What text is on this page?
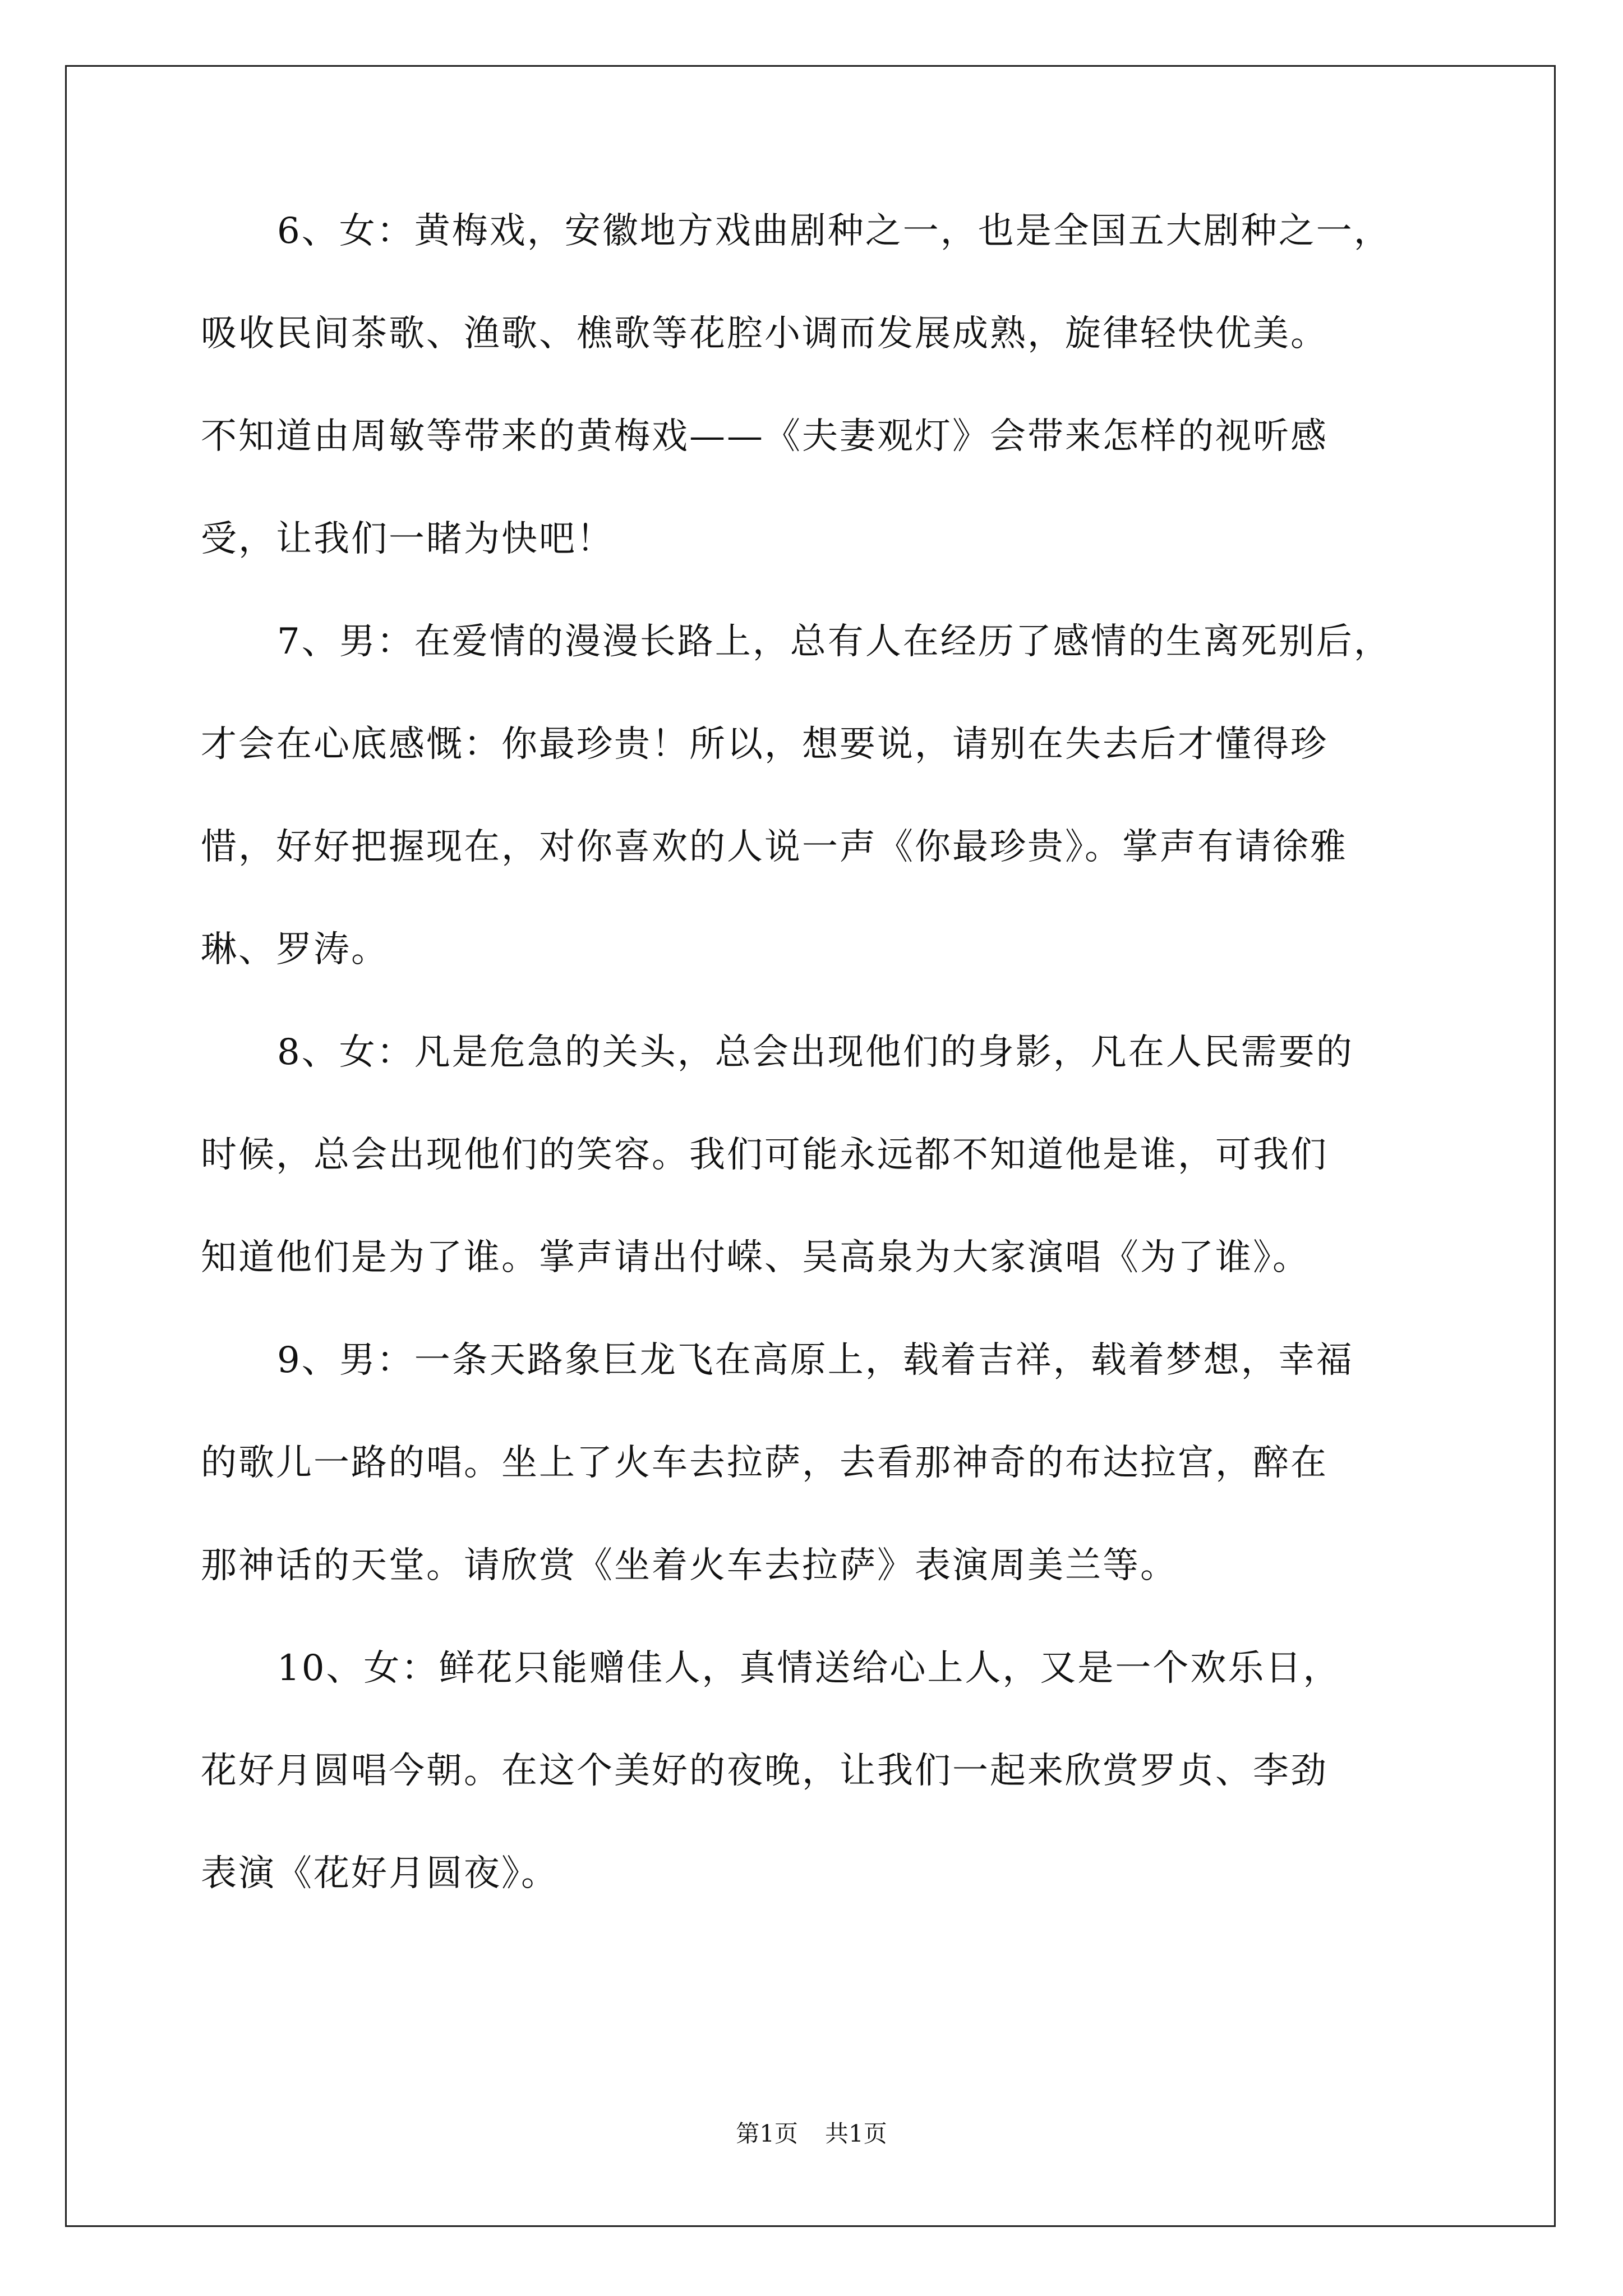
6、女：黄梅戏，安徽地方戏曲剧种之一，也是全国五大剧种之一，
吸收民间茶歌、渔歌、樵歌等花腔小调而发展成熟，旋律轻快优美。
不知道由周敏等带来的黄梅戏——《夫妻观灯》会带来怎样的视听感
受，让我们一睹为快吧！
7、男：在爱情的漫漫长路上，总有人在经历了感情的生离死别后，
才会在心底感慨：你最珍贵！所以，想要说，请别在失去后才懂得珍
惜，好好把握现在，对你喜欢的人说一声《你最珍贵》。掌声有请徐雅
琳、罗涛。
8、女：凡是危急的关头，总会出现他们的身影，凡在人民需要的
时候，总会出现他们的笑容。我们可能永远都不知道他是谁，可我们
知道他们是为了谁。掌声请出付嵘、吴高泉为大家演唱《为了谁》。
9、男：一条天路象巨龙飞在高原上，载着吉祥，载着梦想，幸福
的歌儿一路的唱。坐上了火车去拉萨，去看那神奇的布达拉宫，醉在
那神话的天堂。请欣赏《坐着火车去拉萨》表演周美兰等。
10、女：鲜花只能赠佳人，真情送给心上人，又是一个欢乐日，
花好月圆唱今朝。在这个美好的夜晚，让我们一起来欣赏罗贞、李劲
表演《花好月圆夜》。
第1页 共1页
